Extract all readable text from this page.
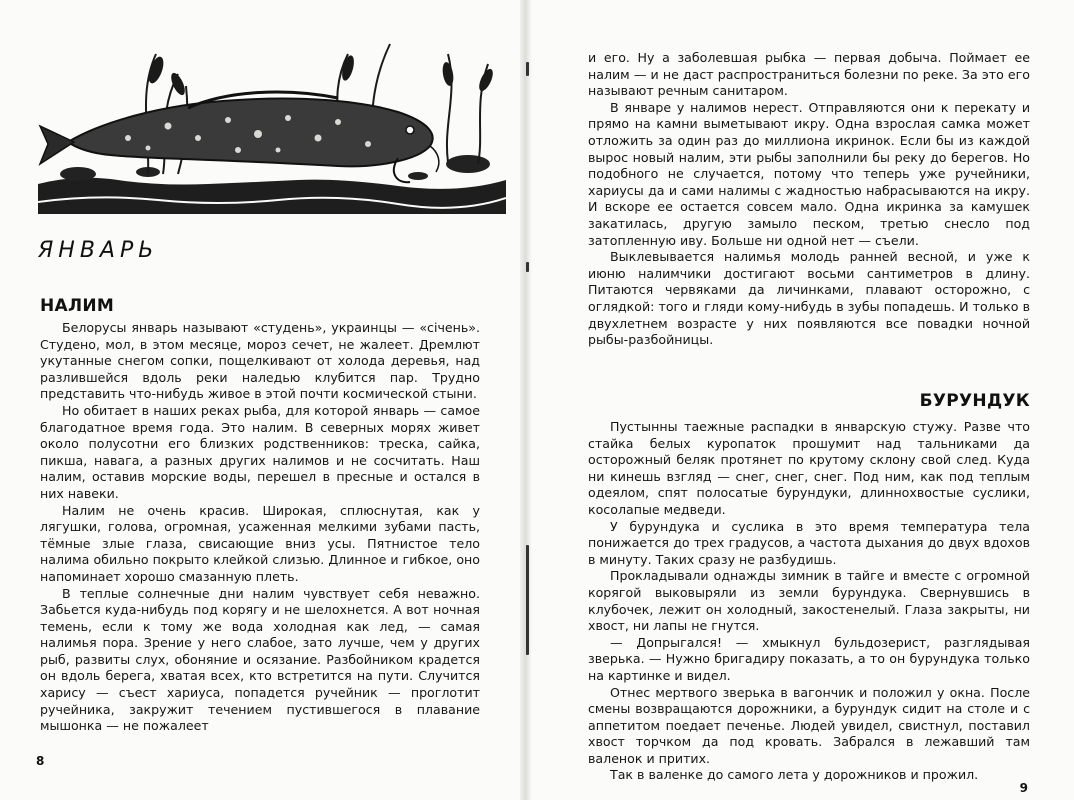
ЯНВАРЬ
НАЛИМ

Белорусы январь называют «студень», украинцы — «січень». Студено, мол, в этом месяце, мороз сечет, не жалеет. Дремлют укутанные снегом сопки, пощелкивают от холода деревья, над разлившейся вдоль реки наледью клубится пар. Трудно представить что-нибудь живое в этой почти космической стыни.

Но обитает в наших реках рыба, для которой январь — самое благодатное время года. Это налим. В северных морях живет около полусотни его близких родственников: треска, сайка, пикша, навага, а разных других налимов и не сосчитать. Наш налим, оставив морские воды, перешел в пресные и остался в них навеки.

Налим не очень красив. Широкая, сплюснутая, как у лягушки, голова, огромная, усаженная мелкими зубами пасть, тёмные злые глаза, свисающие вниз усы. Пятнистое тело налима обильно покрыто клейкой слизью. Длинное и гибкое, оно напоминает хорошо смазанную плеть.

В теплые солнечные дни налим чувствует себя неважно. Забьется куда-нибудь под корягу и не шелохнется. А вот ночная темень, если к тому же вода холодная как лед, — самая налимья пора. Зрение у него слабое, зато лучше, чем у других рыб, развиты слух, обоняние и осязание. Разбойником крадется он вдоль берега, хватая всех, кто встретится на пути. Случится харису — съест хариуса, попадется ручейник — проглотит ручейника, закружит течением пустившегося в плавание мышонка — не пожалеет

8

и его. Ну а заболевшая рыбка — первая добыча. Поймает ее налим — и не даст распространиться болезни по реке. За это его называют речным санитаром.

В январе у налимов нерест. Отправляются они к перекату и прямо на камни выметывают икру. Одна взрослая самка может отложить за один раз до миллиона икринок. Если бы из каждой вырос новый налим, эти рыбы заполнили бы реку до берегов. Но подобного не случается, потому что теперь уже ручейники, хариусы да и сами налимы с жадностью набрасываются на икру. И вскоре ее остается совсем мало. Одна икринка за камушек закатилась, другую замыло песком, третью снесло под затопленную иву. Больше ни одной нет — съели.

Выклевывается налимья молодь ранней весной, и уже к июню налимчики достигают восьми сантиметров в длину. Питаются червяками да личинками, плавают осторожно, с оглядкой: того и гляди кому-нибудь в зубы попадешь. И только в двухлетнем возрасте у них появляются все повадки ночной рыбы-разбойницы.

БУРУНДУК

Пустынны таежные распадки в январскую стужу. Разве что стайка белых куропаток прошумит над тальниками да осторожный беляк протянет по крутому склону свой след. Куда ни кинешь взгляд — снег, снег, снег. Под ним, как под теплым одеялом, спят полосатые бурундуки, длиннохвостые суслики, косолапые медведи.

У бурундука и суслика в это время температура тела понижается до трех градусов, а частота дыхания до двух вдохов в минуту. Таких сразу не разбудишь.

Прокладывали однажды зимник в тайге и вместе с огромной корягой выковыряли из земли бурундука. Свернувшись в клубочек, лежит он холодный, закостенелый. Глаза закрыты, ни хвост, ни лапы не гнутся.

— Допрыгался! — хмыкнул бульдозерист, разглядывая зверька. — Нужно бригадиру показать, а то он бурундука только на картинке и видел.

Отнес мертвого зверька в вагончик и положил у окна. После смены возвращаются дорожники, а бурундук сидит на столе и с аппетитом поедает печенье. Людей увидел, свистнул, поставил хвост торчком да под кровать. Забрался в лежавший там валенок и притих.

Так в валенке до самого лета у дорожников и прожил.

9
